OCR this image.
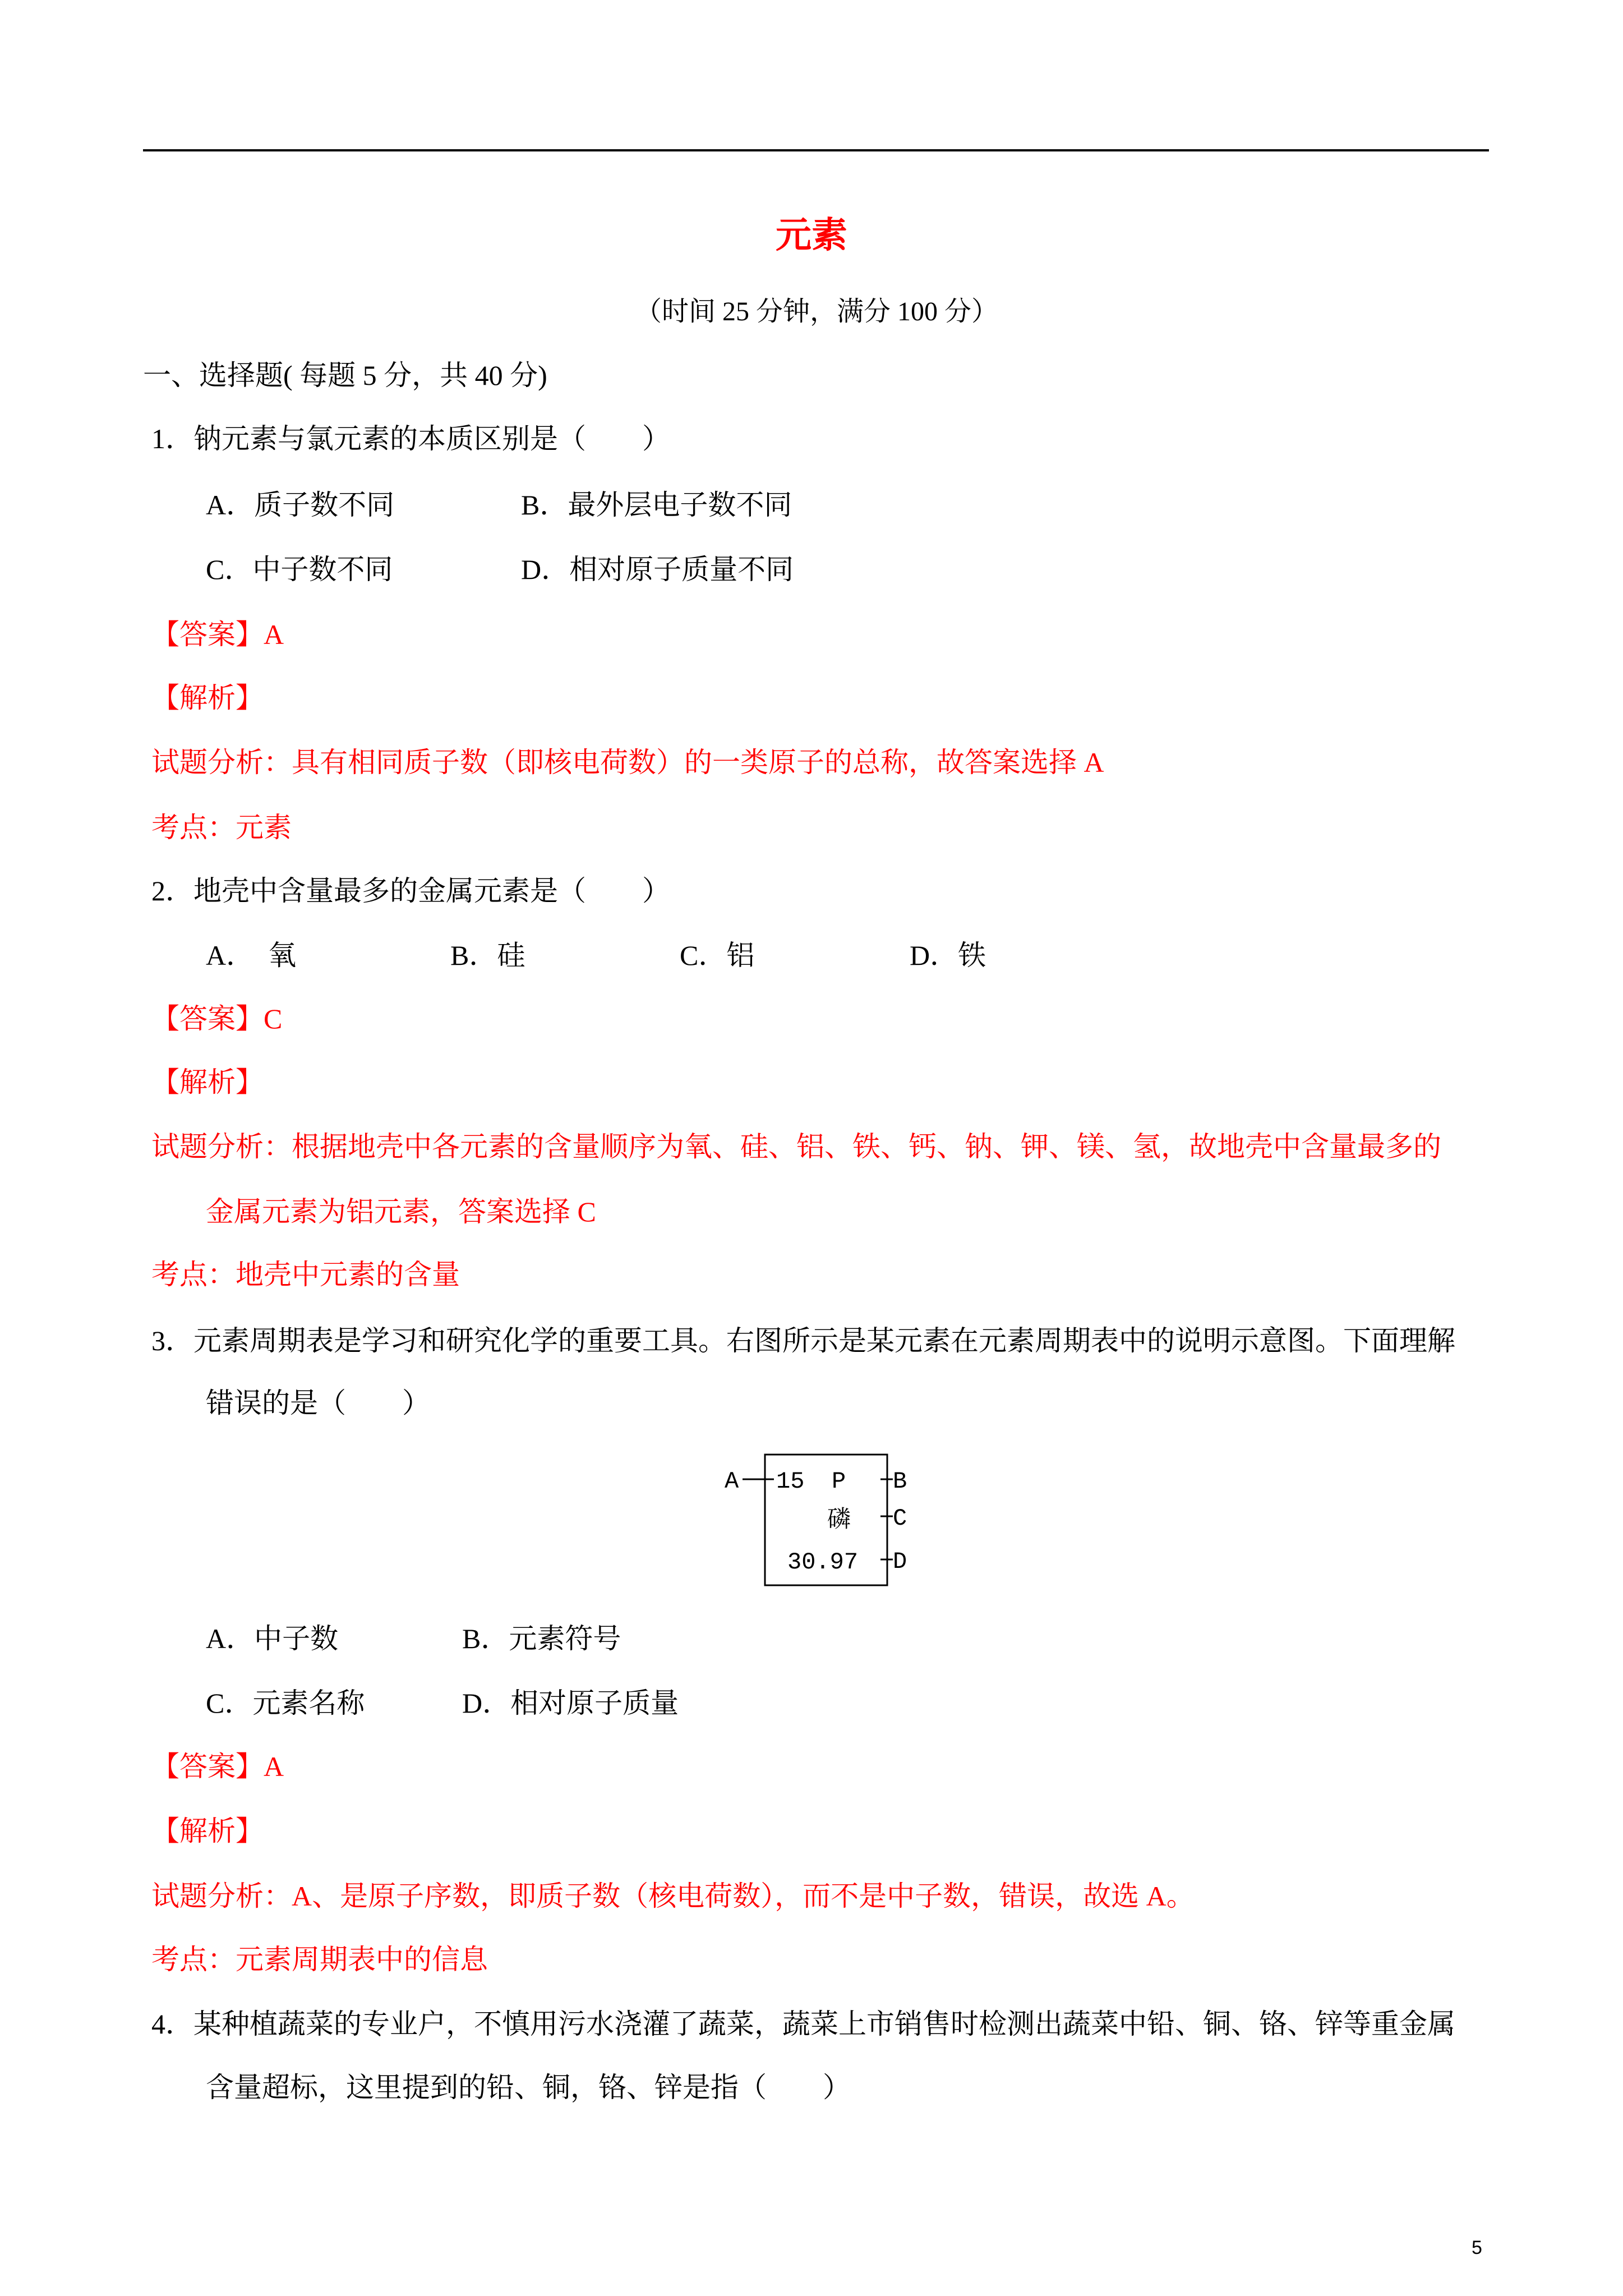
元素
（时间 25 分钟，满分 100 分）
一、选择题( 每题 5 分，共 40 分)
1．钠元素与氯元素的本质区别是（　　）
A．质子数不同	B．最外层电子数不同
C．中子数不同	D．相对原子质量不同
【答案】A
【解析】
试题分析：具有相同质子数（即核电荷数）的一类原子的总称，故答案选择 A
考点：元素
2．地壳中含量最多的金属元素是（　　）
A．　氧	B．硅	C．铝	D．铁
【答案】C
【解析】
试题分析：根据地壳中各元素的含量顺序为氧、硅、铝、铁、钙、钠、钾、镁、氢，故地壳中含量最多的
金属元素为铝元素，答案选择 C
考点：地壳中元素的含量
3．元素周期表是学习和研究化学的重要工具。右图所示是某元素在元素周期表中的说明示意图。下面理解
错误的是（　　）
A	B
C
D
15 P
磷
30.97
A．中子数	B．元素符号
C．元素名称	D．相对原子质量
【答案】A
【解析】
试题分析：A、是原子序数，即质子数（核电荷数），而不是中子数，错误，故选 A。
考点：元素周期表中的信息
4．某种植蔬菜的专业户，不慎用污水浇灌了蔬菜，蔬菜上市销售时检测出蔬菜中铅、铜、铬、锌等重金属
含量超标，这里提到的铅、铜，铬、锌是指（　　）
5
